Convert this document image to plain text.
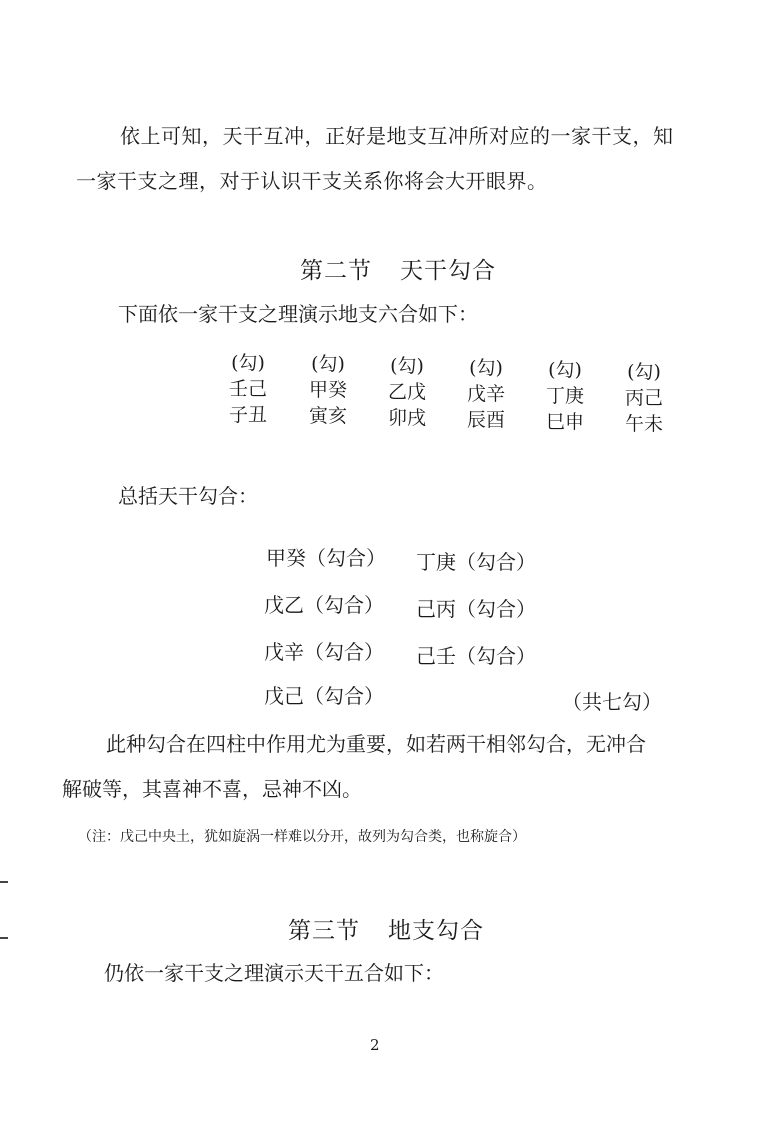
依上可知，天干互冲，正好是地支互冲所对应的一家干支，知
一家干支之理，对于认识干支关系你将会大开眼界。
第二节 天干勾合
下面依一家干支之理演示地支六合如下：
(勾)
壬己
子丑
(勾)
甲癸
寅亥
(勾)
乙戊
卯戌
(勾)
戊辛
辰酉
(勾)
丁庚
巳申
(勾)
丙己
午未
总括天干勾合：
甲癸（勾合） 丁庚（勾合）
戊乙（勾合） 己丙（勾合）
戊辛（勾合） 己壬（勾合）
戊己（勾合）	（共七勾）
此种勾合在四柱中作用尤为重要，如若两干相邻勾合，无冲合
解破等，其喜神不喜，忌神不凶。
（注：戊己中央土，犹如旋涡一样难以分开，故列为勾合类，也称旋合）
第三节 地支勾合
仍依一家干支之理演示天干五合如下：
2
